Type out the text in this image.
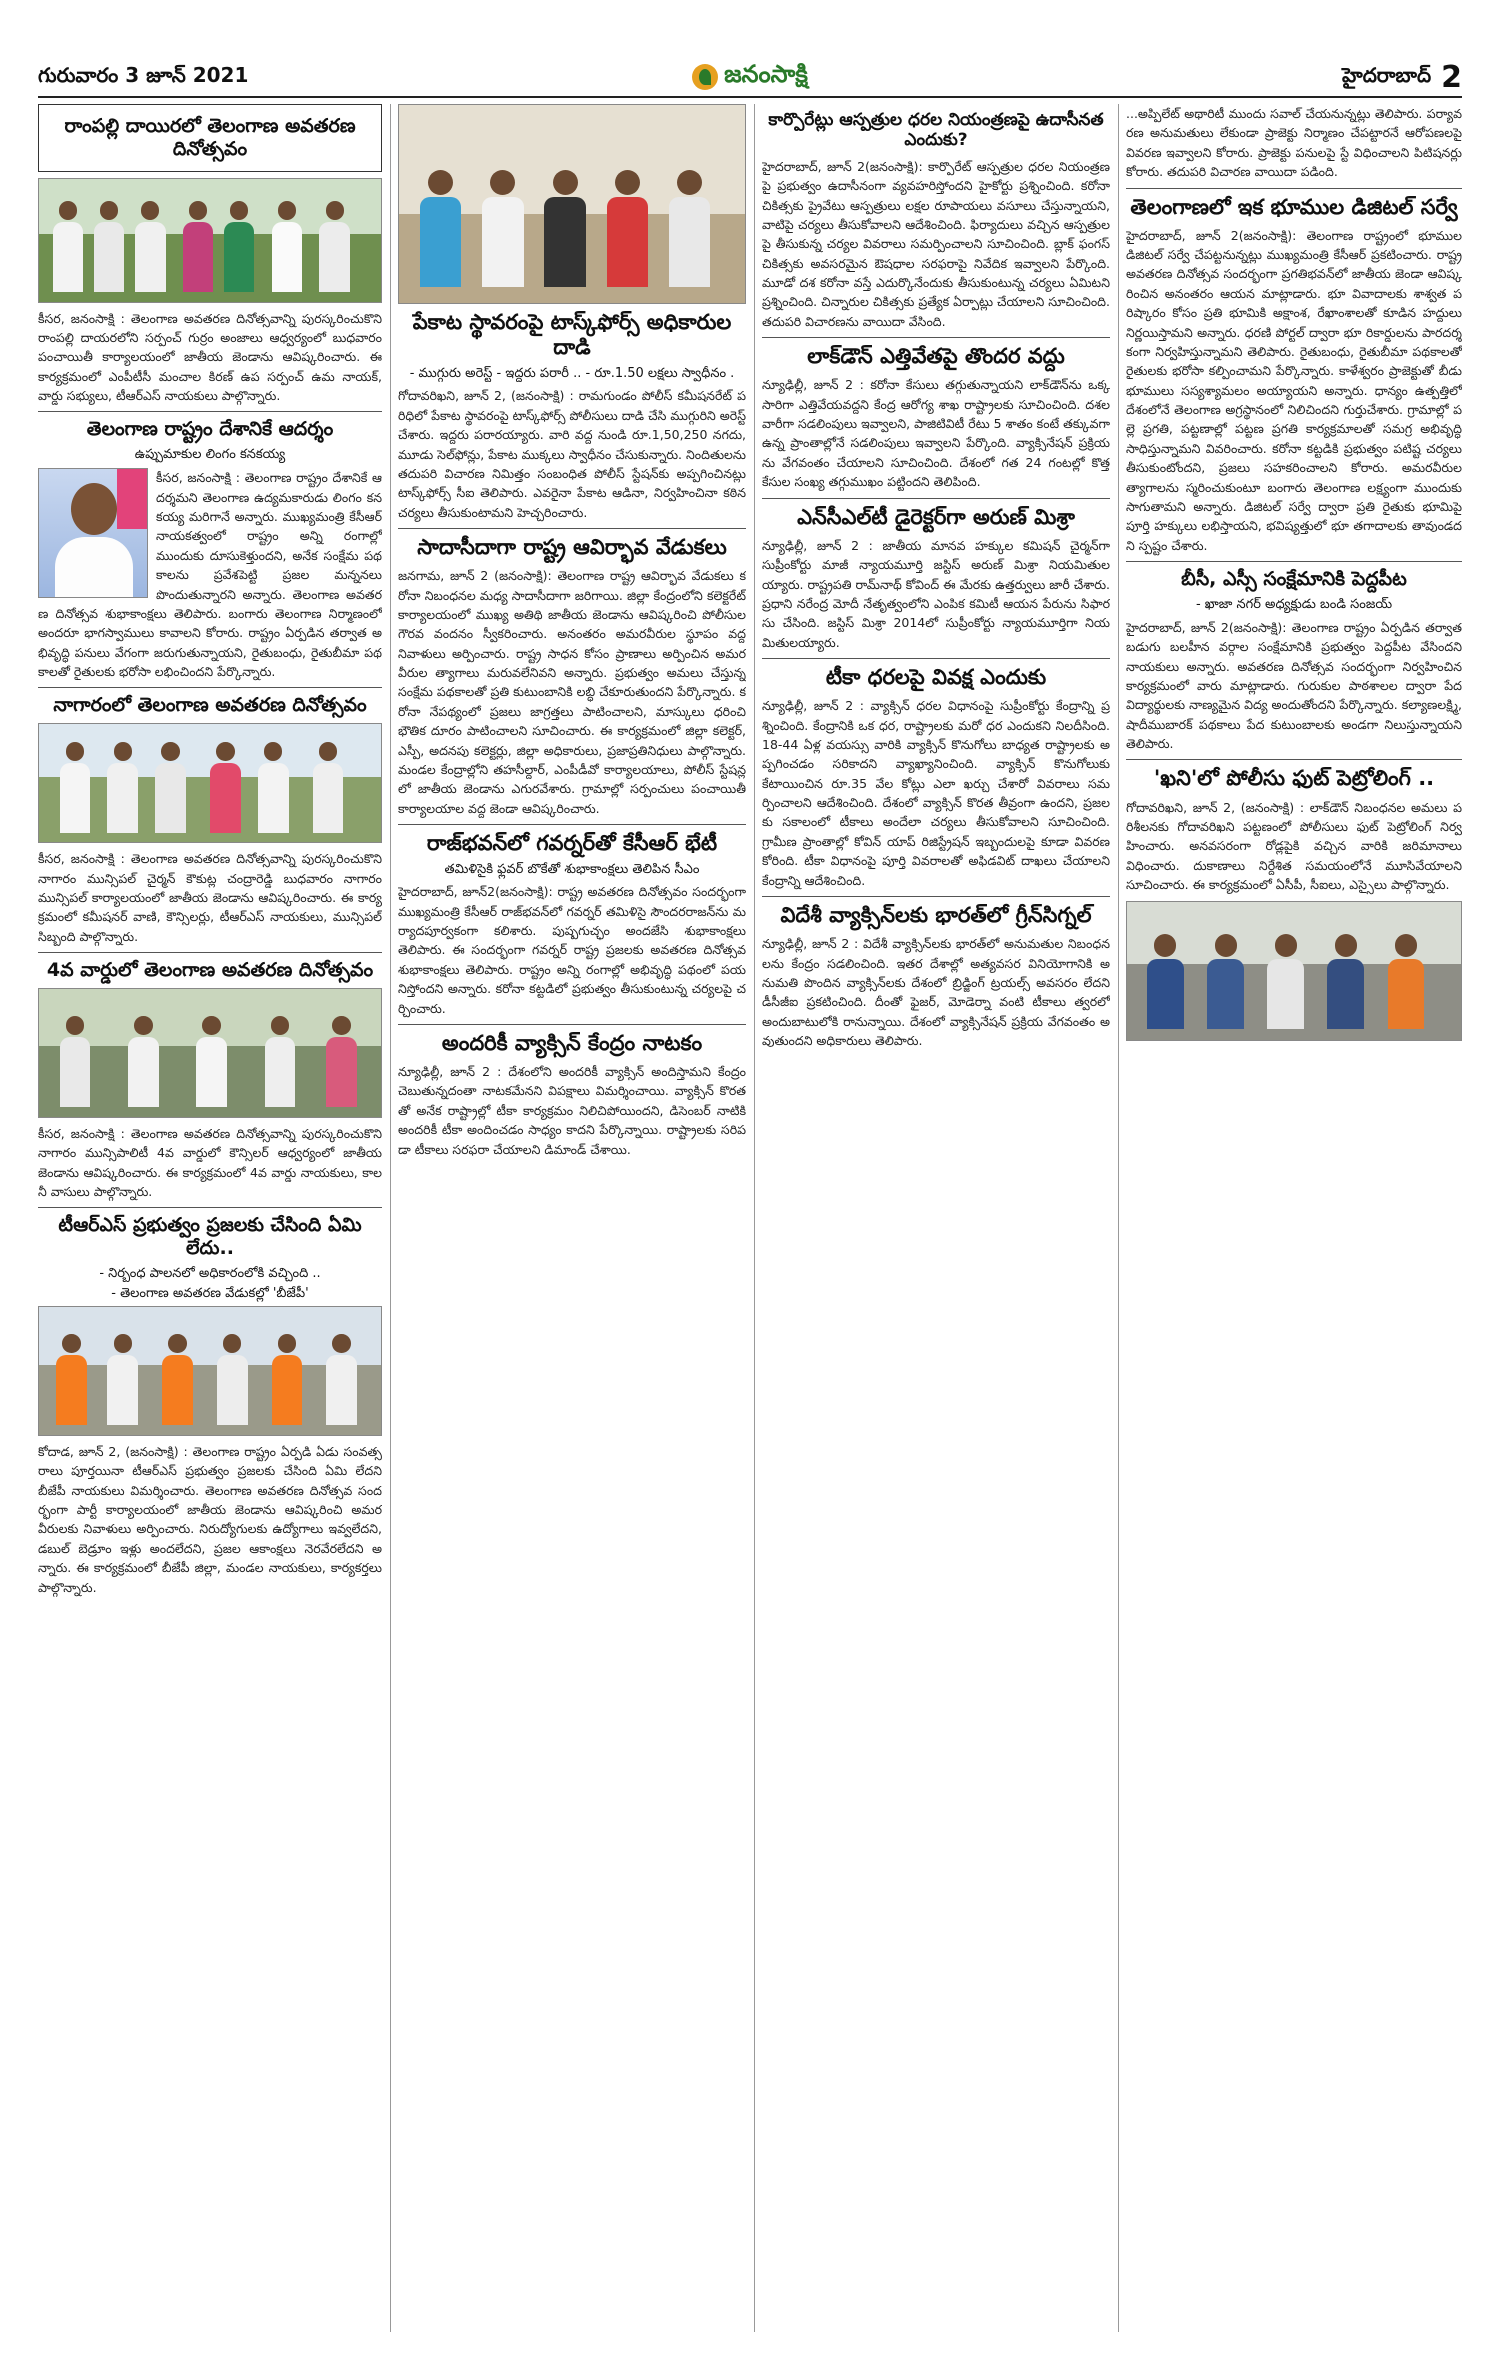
గురువారం 3 జూన్ 2021	జనంసాక్షి	హైదరాబాద్ 2
రాంపల్లి దాయిరలో తెలంగాణ అవతరణ దినోత్సవం
కీసర, జనంసాక్షి : తెలంగాణ అవతరణ దినోత్సవాన్ని పురస్కరించుకొని రాంపల్లి దాయరలోని సర్పంచ్ గుర్రం అంజాలు ఆధ్వర్యంలో బుధవారం పంచాయితీ కార్యాలయంలో జాతీయ జెండాను ఆవిష్కరించారు. ఈ కార్యక్రమంలో ఎంపీటీసీ మంచాల కిరణ్ ఉప సర్పంచ్ ఉమ నాయక్, వార్డు సభ్యులు, టీఆర్ఎస్ నాయకులు పాల్గొన్నారు.
తెలంగాణ రాష్ట్రం దేశానికే ఆదర్శం
ఉప్పుమాకుల లింగం కనకయ్య
కీసర, జనంసాక్షి : తెలంగాణ రాష్ట్రం దేశానికే ఆదర్శమని తెలంగాణ ఉద్యమకారుడు లింగం కనకయ్య మరిగానే అన్నారు. ముఖ్యమంత్రి కేసీఆర్ నాయకత్వంలో రాష్ట్రం అన్ని రంగాల్లో ముందుకు దూసుకెళ్తుందని, అనేక సంక్షేమ పథకాలను ప్రవేశపెట్టి ప్రజల మన్ననలు పొందుతున్నారని అన్నారు. తెలంగాణ అవతరణ దినోత్సవ శుభాకాంక్షలు తెలిపారు. బంగారు తెలంగాణ నిర్మాణంలో అందరూ భాగస్వాములు కావాలని కోరారు. రాష్ట్రం ఏర్పడిన తర్వాత అభివృద్ధి పనులు వేగంగా జరుగుతున్నాయని, రైతుబంధు, రైతుబీమా పథకాలతో రైతులకు భరోసా లభించిందని పేర్కొన్నారు.
నాగారంలో తెలంగాణ అవతరణ దినోత్సవం
కీసర, జనంసాక్షి : తెలంగాణ అవతరణ దినోత్సవాన్ని పురస్కరించుకొని నాగారం మున్సిపల్ చైర్మన్ కౌకుట్ల చంద్రారెడ్డి బుధవారం నాగారం మున్సిపల్ కార్యాలయంలో జాతీయ జెండాను ఆవిష్కరించారు. ఈ కార్యక్రమంలో కమీషనర్ వాణి, కౌన్సిలర్లు, టీఆర్ఎస్ నాయకులు, మున్సిపల్ సిబ్బంది పాల్గొన్నారు.
4వ వార్డులో తెలంగాణ అవతరణ దినోత్సవం
కీసర, జనంసాక్షి : తెలంగాణ అవతరణ దినోత్సవాన్ని పురస్కరించుకొని నాగారం మున్సిపాలిటీ 4వ వార్డులో కౌన్సిలర్ ఆధ్వర్యంలో జాతీయ జెండాను ఆవిష్కరించారు. ఈ కార్యక్రమంలో 4వ వార్డు నాయకులు, కాలనీ వాసులు పాల్గొన్నారు.
టీఆర్ఎస్ ప్రభుత్వం ప్రజలకు చేసింది ఏమి లేదు..
- నిర్బంధ పాలనలో అధికారంలోకి వచ్చింది ..
- తెలంగాణ అవతరణ వేడుకల్లో 'బీజేపీ'
కోదాడ, జూన్ 2, (జనంసాక్షి) : తెలంగాణ రాష్ట్రం ఏర్పడి ఏడు సంవత్సరాలు పూర్తయినా టీఆర్ఎస్ ప్రభుత్వం ప్రజలకు చేసింది ఏమి లేదని బీజేపీ నాయకులు విమర్శించారు. తెలంగాణ అవతరణ దినోత్సవ సందర్భంగా పార్టీ కార్యాలయంలో జాతీయ జెండాను ఆవిష్కరించి అమరవీరులకు నివాళులు అర్పించారు. నిరుద్యోగులకు ఉద్యోగాలు ఇవ్వలేదని, డబుల్ బెడ్రూం ఇళ్లు అందలేదని, ప్రజల ఆకాంక్షలు నెరవేరలేదని అన్నారు. ఈ కార్యక్రమంలో బీజేపీ జిల్లా, మండల నాయకులు, కార్యకర్తలు పాల్గొన్నారు.
పేకాట స్థావరంపై టాస్క్‌ఫోర్స్ అధికారుల దాడి
- ముగ్గురు అరెస్ట్ - ఇద్దరు పరారీ .. - రూ.1.50 లక్షలు స్వాధీనం .
గోదావరిఖని, జూన్ 2, (జనంసాక్షి) : రామగుండం పోలీస్ కమీషనరేట్ పరిధిలో పేకాట స్థావరంపై టాస్క్‌ఫోర్స్ పోలీసులు దాడి చేసి ముగ్గురిని అరెస్ట్ చేశారు. ఇద్దరు పరారయ్యారు. వారి వద్ద నుండి రూ.1,50,250 నగదు, మూడు సెల్‌ఫోన్లు, పేకాట ముక్కలు స్వాధీనం చేసుకున్నారు. నిందితులను తదుపరి విచారణ నిమిత్తం సంబంధిత పోలీస్ స్టేషన్‌కు అప్పగించినట్లు టాస్క్‌ఫోర్స్ సీఐ తెలిపారు. ఎవరైనా పేకాట ఆడినా, నిర్వహించినా కఠిన చర్యలు తీసుకుంటామని హెచ్చరించారు.
సాదాసీదాగా రాష్ట్ర ఆవిర్భావ వేడుకలు
జనగామ, జూన్ 2 (జనంసాక్షి): తెలంగాణ రాష్ట్ర ఆవిర్భావ వేడుకలు కరోనా నిబంధనల మధ్య సాదాసీదాగా జరిగాయి. జిల్లా కేంద్రంలోని కలెక్టరేట్ కార్యాలయంలో ముఖ్య అతిథి జాతీయ జెండాను ఆవిష్కరించి పోలీసుల గౌరవ వందనం స్వీకరించారు. అనంతరం అమరవీరుల స్థూపం వద్ద నివాళులు అర్పించారు. రాష్ట్ర సాధన కోసం ప్రాణాలు అర్పించిన అమరవీరుల త్యాగాలు మరువలేనివని అన్నారు. ప్రభుత్వం అమలు చేస్తున్న సంక్షేమ పథకాలతో ప్రతి కుటుంబానికి లబ్ధి చేకూరుతుందని పేర్కొన్నారు. కరోనా నేపథ్యంలో ప్రజలు జాగ్రత్తలు పాటించాలని, మాస్కులు ధరించి భౌతిక దూరం పాటించాలని సూచించారు. ఈ కార్యక్రమంలో జిల్లా కలెక్టర్, ఎస్పీ, అదనపు కలెక్టర్లు, జిల్లా అధికారులు, ప్రజాప్రతినిధులు పాల్గొన్నారు. మండల కేంద్రాల్లోని తహసీల్దార్, ఎంపీడీవో కార్యాలయాలు, పోలీస్ స్టేషన్లలో జాతీయ జెండాను ఎగురవేశారు. గ్రామాల్లో సర్పంచులు పంచాయితీ కార్యాలయాల వద్ద జెండా ఆవిష్కరించారు.
రాజ్‌భవన్‌లో గవర్నర్‌తో కేసీఆర్ భేటీ
తమిళిసైకి ఫ్లవర్ బొకేతో శుభాకాంక్షలు తెలిపిన సీఎం
హైదరాబాద్, జూన్2(జనంసాక్షి): రాష్ట్ర అవతరణ దినోత్సవం సందర్భంగా ముఖ్యమంత్రి కేసీఆర్ రాజ్‌భవన్‌లో గవర్నర్ తమిళిసై సౌందరరాజన్‌ను మర్యాదపూర్వకంగా కలిశారు. పుష్పగుచ్ఛం అందజేసి శుభాకాంక్షలు తెలిపారు. ఈ సందర్భంగా గవర్నర్ రాష్ట్ర ప్రజలకు అవతరణ దినోత్సవ శుభాకాంక్షలు తెలిపారు. రాష్ట్రం అన్ని రంగాల్లో అభివృద్ధి పథంలో పయనిస్తోందని అన్నారు. కరోనా కట్టడిలో ప్రభుత్వం తీసుకుంటున్న చర్యలపై చర్చించారు.
అందరికీ వ్యాక్సిన్ కేంద్రం నాటకం
న్యూఢిల్లీ, జూన్ 2 : దేశంలోని అందరికీ వ్యాక్సిన్ అందిస్తామని కేంద్రం చెబుతున్నదంతా నాటకమేనని విపక్షాలు విమర్శించాయి. వ్యాక్సిన్ కొరతతో అనేక రాష్ట్రాల్లో టీకా కార్యక్రమం నిలిచిపోయిందని, డిసెంబర్ నాటికి అందరికీ టీకా అందించడం సాధ్యం కాదని పేర్కొన్నాయి. రాష్ట్రాలకు సరిపడా టీకాలు సరఫరా చేయాలని డిమాండ్ చేశాయి.
కార్పొరేట్లు ఆస్పత్రుల ధరల నియంత్రణపై ఉదాసీనత ఎందుకు?
హైదరాబాద్, జూన్ 2(జనంసాక్షి): కార్పొరేట్ ఆస్పత్రుల ధరల నియంత్రణపై ప్రభుత్వం ఉదాసీనంగా వ్యవహరిస్తోందని హైకోర్టు ప్రశ్నించింది. కరోనా చికిత్సకు ప్రైవేటు ఆస్పత్రులు లక్షల రూపాయలు వసూలు చేస్తున్నాయని, వాటిపై చర్యలు తీసుకోవాలని ఆదేశించింది. ఫిర్యాదులు వచ్చిన ఆస్పత్రులపై తీసుకున్న చర్యల వివరాలు సమర్పించాలని సూచించింది. బ్లాక్ ఫంగస్ చికిత్సకు అవసరమైన ఔషధాల సరఫరాపై నివేదిక ఇవ్వాలని పేర్కొంది. మూడో దశ కరోనా వస్తే ఎదుర్కొనేందుకు తీసుకుంటున్న చర్యలు ఏమిటని ప్రశ్నించింది. చిన్నారుల చికిత్సకు ప్రత్యేక ఏర్పాట్లు చేయాలని సూచించింది. తదుపరి విచారణను వాయిదా వేసింది.
లాక్‌డౌన్ ఎత్తివేతపై తొందర వద్దు
న్యూఢిల్లీ, జూన్ 2 : కరోనా కేసులు తగ్గుతున్నాయని లాక్‌డౌన్‌ను ఒక్కసారిగా ఎత్తివేయవద్దని కేంద్ర ఆరోగ్య శాఖ రాష్ట్రాలకు సూచించింది. దశలవారీగా సడలింపులు ఇవ్వాలని, పాజిటివిటీ రేటు 5 శాతం కంటే తక్కువగా ఉన్న ప్రాంతాల్లోనే సడలింపులు ఇవ్వాలని పేర్కొంది. వ్యాక్సినేషన్ ప్రక్రియను వేగవంతం చేయాలని సూచించింది. దేశంలో గత 24 గంటల్లో కొత్త కేసుల సంఖ్య తగ్గుముఖం పట్టిందని తెలిపింది.
ఎన్‌సీఎల్‌టీ డైరెక్టర్‌గా అరుణ్ మిశ్రా
న్యూఢిల్లీ, జూన్ 2 : జాతీయ మానవ హక్కుల కమిషన్ చైర్మన్‌గా సుప్రీంకోర్టు మాజీ న్యాయమూర్తి జస్టిస్ అరుణ్ మిశ్రా నియమితులయ్యారు. రాష్ట్రపతి రామ్‌నాథ్ కోవింద్ ఈ మేరకు ఉత్తర్వులు జారీ చేశారు. ప్రధాని నరేంద్ర మోదీ నేతృత్వంలోని ఎంపిక కమిటీ ఆయన పేరును సిఫారసు చేసింది. జస్టిస్ మిశ్రా 2014లో సుప్రీంకోర్టు న్యాయమూర్తిగా నియమితులయ్యారు.
టీకా ధరలపై వివక్ష ఎందుకు
న్యూఢిల్లీ, జూన్ 2 : వ్యాక్సిన్ ధరల విధానంపై సుప్రీంకోర్టు కేంద్రాన్ని ప్రశ్నించింది. కేంద్రానికి ఒక ధర, రాష్ట్రాలకు మరో ధర ఎందుకని నిలదీసింది. 18-44 ఏళ్ల వయస్సు వారికి వ్యాక్సిన్ కొనుగోలు బాధ్యత రాష్ట్రాలకు అప్పగించడం సరికాదని వ్యాఖ్యానించింది. వ్యాక్సిన్ కొనుగోలుకు కేటాయించిన రూ.35 వేల కోట్లు ఎలా ఖర్చు చేశారో వివరాలు సమర్పించాలని ఆదేశించింది. దేశంలో వ్యాక్సిన్ కొరత తీవ్రంగా ఉందని, ప్రజలకు సకాలంలో టీకాలు అందేలా చర్యలు తీసుకోవాలని సూచించింది. గ్రామీణ ప్రాంతాల్లో కోవిన్ యాప్ రిజిస్ట్రేషన్ ఇబ్బందులపై కూడా వివరణ కోరింది. టీకా విధానంపై పూర్తి వివరాలతో అఫిడవిట్ దాఖలు చేయాలని కేంద్రాన్ని ఆదేశించింది.
విదేశీ వ్యాక్సిన్‌లకు భారత్‌లో గ్రీన్‌సిగ్నల్
న్యూఢిల్లీ, జూన్ 2 : విదేశీ వ్యాక్సిన్‌లకు భారత్‌లో అనుమతుల నిబంధనలను కేంద్రం సడలించింది. ఇతర దేశాల్లో అత్యవసర వినియోగానికి అనుమతి పొందిన వ్యాక్సిన్‌లకు దేశంలో బ్రిడ్జింగ్ ట్రయల్స్ అవసరం లేదని డీసీజీఐ ప్రకటించింది. దీంతో ఫైజర్, మోడెర్నా వంటి టీకాలు త్వరలో అందుబాటులోకి రానున్నాయి. దేశంలో వ్యాక్సినేషన్ ప్రక్రియ వేగవంతం అవుతుందని అధికారులు తెలిపారు.
...అప్పిలేట్ అథారిటీ ముందు సవాల్ చేయనున్నట్లు తెలిపారు. పర్యావరణ అనుమతులు లేకుండా ప్రాజెక్టు నిర్మాణం చేపట్టారనే ఆరోపణలపై వివరణ ఇవ్వాలని కోరారు. ప్రాజెక్టు పనులపై స్టే విధించాలని పిటిషనర్లు కోరారు. తదుపరి విచారణ వాయిదా పడింది.
తెలంగాణలో ఇక భూముల డిజిటల్ సర్వే
హైదరాబాద్, జూన్ 2(జనంసాక్షి): తెలంగాణ రాష్ట్రంలో భూముల డిజిటల్ సర్వే చేపట్టనున్నట్లు ముఖ్యమంత్రి కేసీఆర్ ప్రకటించారు. రాష్ట్ర అవతరణ దినోత్సవ సందర్భంగా ప్రగతిభవన్‌లో జాతీయ జెండా ఆవిష్కరించిన అనంతరం ఆయన మాట్లాడారు. భూ వివాదాలకు శాశ్వత పరిష్కారం కోసం ప్రతి భూమికి అక్షాంశ, రేఖాంశాలతో కూడిన హద్దులు నిర్ణయిస్తామని అన్నారు. ధరణి పోర్టల్ ద్వారా భూ రికార్డులను పారదర్శకంగా నిర్వహిస్తున్నామని తెలిపారు. రైతుబంధు, రైతుబీమా పథకాలతో రైతులకు భరోసా కల్పించామని పేర్కొన్నారు. కాళేశ్వరం ప్రాజెక్టుతో బీడు భూములు సస్యశ్యామలం అయ్యాయని అన్నారు. ధాన్యం ఉత్పత్తిలో దేశంలోనే తెలంగాణ అగ్రస్థానంలో నిలిచిందని గుర్తుచేశారు. గ్రామాల్లో పల్లె ప్రగతి, పట్టణాల్లో పట్టణ ప్రగతి కార్యక్రమాలతో సమగ్ర అభివృద్ధి సాధిస్తున్నామని వివరించారు. కరోనా కట్టడికి ప్రభుత్వం పటిష్ట చర్యలు తీసుకుంటోందని, ప్రజలు సహకరించాలని కోరారు. అమరవీరుల త్యాగాలను స్మరించుకుంటూ బంగారు తెలంగాణ లక్ష్యంగా ముందుకు సాగుతామని అన్నారు. డిజిటల్ సర్వే ద్వారా ప్రతి రైతుకు భూమిపై పూర్తి హక్కులు లభిస్తాయని, భవిష్యత్తులో భూ తగాదాలకు తావుండదని స్పష్టం చేశారు.
బీసీ, ఎస్సీ సంక్షేమానికి పెద్దపీట
- ఖాజా నగర్ అధ్యక్షుడు బండి సంజయ్
హైదరాబాద్, జూన్ 2(జనంసాక్షి): తెలంగాణ రాష్ట్రం ఏర్పడిన తర్వాత బడుగు బలహీన వర్గాల సంక్షేమానికి ప్రభుత్వం పెద్దపీట వేసిందని నాయకులు అన్నారు. అవతరణ దినోత్సవ సందర్భంగా నిర్వహించిన కార్యక్రమంలో వారు మాట్లాడారు. గురుకుల పాఠశాలల ద్వారా పేద విద్యార్థులకు నాణ్యమైన విద్య అందుతోందని పేర్కొన్నారు. కల్యాణలక్ష్మి, షాదీముబారక్ పథకాలు పేద కుటుంబాలకు అండగా నిలుస్తున్నాయని తెలిపారు.
'ఖని'లో పోలీసు ఫుట్ పెట్రోలింగ్ ..
గోదావరిఖని, జూన్ 2, (జనంసాక్షి) : లాక్‌డౌన్ నిబంధనల అమలు పరిశీలనకు గోదావరిఖని పట్టణంలో పోలీసులు ఫుట్ పెట్రోలింగ్ నిర్వహించారు. అనవసరంగా రోడ్లపైకి వచ్చిన వారికి జరిమానాలు విధించారు. దుకాణాలు నిర్దేశిత సమయంలోనే మూసివేయాలని సూచించారు. ఈ కార్యక్రమంలో ఏసీపీ, సీఐలు, ఎస్సైలు పాల్గొన్నారు.
